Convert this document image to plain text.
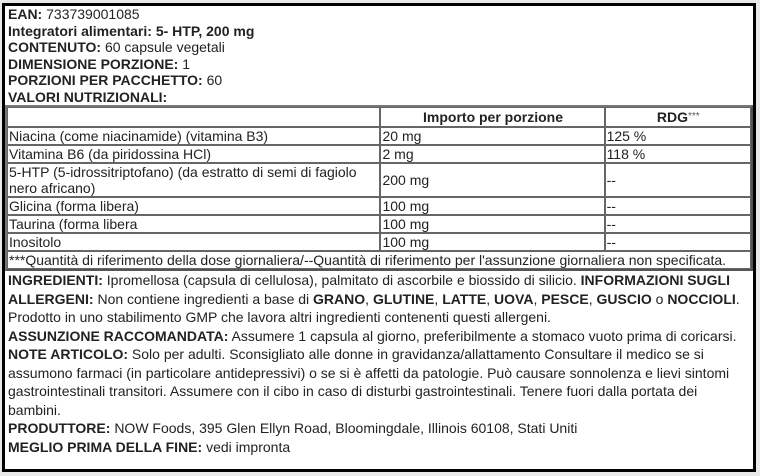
EAN: 733739001085
Integratori alimentari: 5- HTP, 200 mg
CONTENUTO: 60 capsule vegetali
DIMENSIONE PORZIONE: 1
PORZIONI PER PACCHETTO: 60
VALORI NUTRIZIONALI:
	Importo per porzione	RDG***
Niacina (come niacinamide) (vitamina B3)	20 mg	125 %
Vitamina B6 (da piridossina HCl)	2 mg	118 %
5-HTP (5-idrossitriptofano) (da estratto di semi di fagiolo nero africano)	200 mg	--
Glicina (forma libera)	100 mg	--
Taurina (forma libera	100 mg	--
Inositolo	100 mg	--
***Quantità di riferimento della dose giornaliera/--Quantità di riferimento per l'assunzione giornaliera non specificata.		
INGREDIENTI: Ipromellosa (capsula di cellulosa), palmitato di ascorbile e biossido di silicio. INFORMAZIONI SUGLI ALLERGENI: Non contiene ingredienti a base di GRANO, GLUTINE, LATTE, UOVA, PESCE, GUSCIO o NOCCIOLI. Prodotto in uno stabilimento GMP che lavora altri ingredienti contenenti questi allergeni.
ASSUNZIONE RACCOMANDATA: Assumere 1 capsula al giorno, preferibilmente a stomaco vuoto prima di coricarsi. NOTE ARTICOLO: Solo per adulti. Sconsigliato alle donne in gravidanza/allattamento Consultare il medico se si assumono farmaci (in particolare antidepressivi) o se si è affetti da patologie. Può causare sonnolenza e lievi sintomi gastrointestinali transitori. Assumere con il cibo in caso di disturbi gastrointestinali. Tenere fuori dalla portata dei bambini.
PRODUTTORE: NOW Foods, 395 Glen Ellyn Road, Bloomingdale, Illinois 60108, Stati Uniti
MEGLIO PRIMA DELLA FINE: vedi impronta
